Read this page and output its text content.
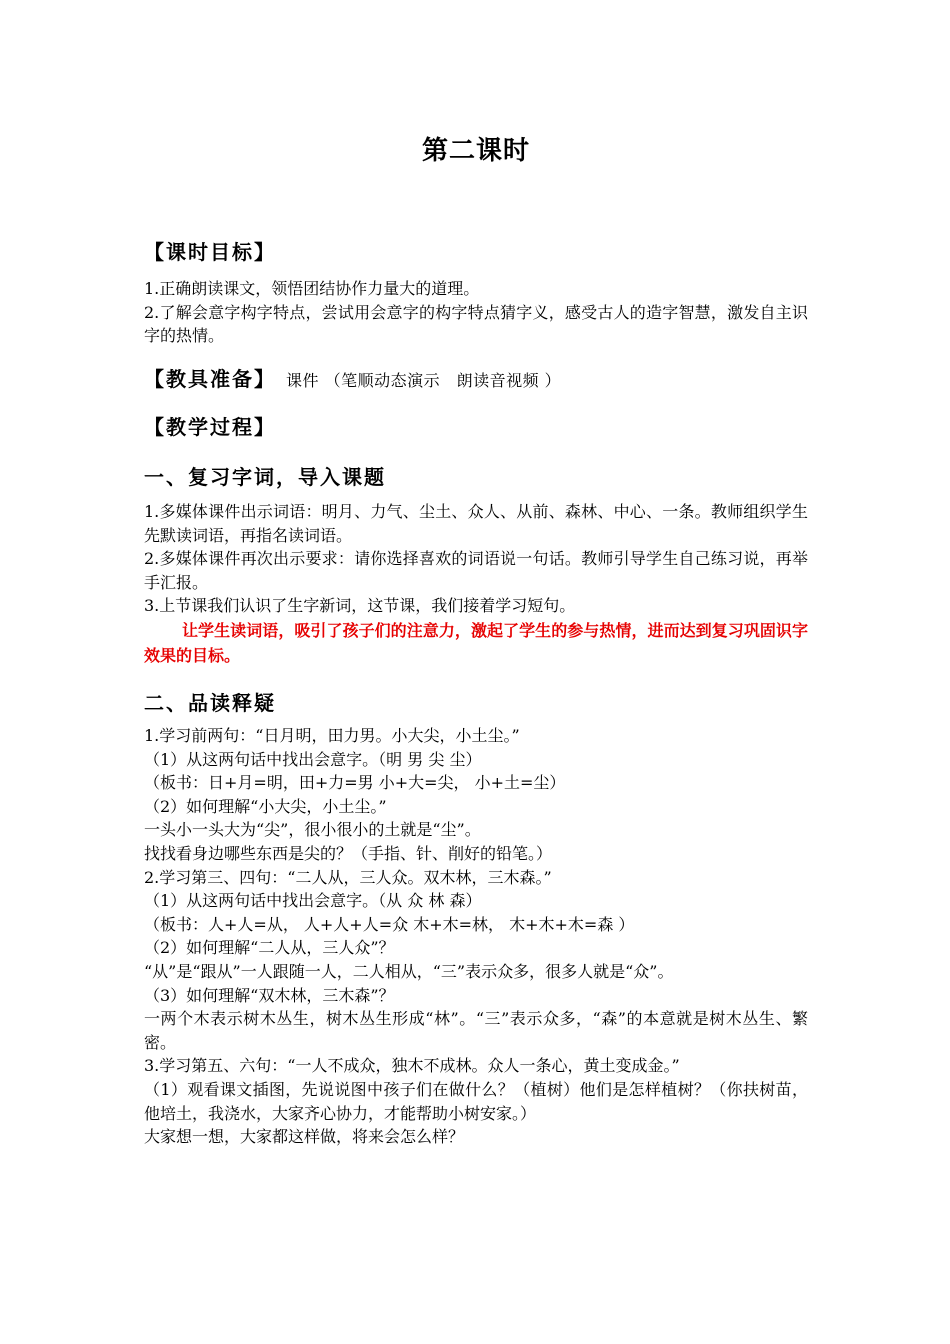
第二课时
【课时目标】

1.正确朗读课文，领悟团结协作力量大的道理。

2.了解会意字构字特点，尝试用会意字的构字特点猜字义，感受古人的造字智慧，激发自主识字的热情。

【教具准备】 课件 （笔顺动态演示　朗读音视频 ）
【教学过程】
一、复习字词，导入课题

1.多媒体课件出示词语：明月、力气、尘土、众人、从前、森林、中心、一条。教师组织学生先默读词语，再指名读词语。

2.多媒体课件再次出示要求：请你选择喜欢的词语说一句话。教师引导学生自己练习说，再举手汇报。

3.上节课我们认识了生字新词，这节课，我们接着学习短句。

让学生读词语，吸引了孩子们的注意力，激起了学生的参与热情，进而达到复习巩固识字效果的目标。

二、品读释疑

1.学习前两句：“日月明，田力男。小大尖，小土尘。”

（1）从这两句话中找出会意字。（明 男 尖 尘）

（板书：日+月=明，田+力=男 小+大=尖， 小+土=尘）

（2）如何理解“小大尖，小土尘。”

一头小一头大为“尖”，很小很小的土就是“尘”。

找找看身边哪些东西是尖的？（手指、针、削好的铅笔。）

2.学习第三、四句：“二人从，三人众。双木林，三木森。”

（1）从这两句话中找出会意字。（从 众 林 森）

（板书：人+人=从， 人+人+人=众 木+木=林， 木+木+木=森 ）

（2）如何理解“二人从，三人众”？

“从”是“跟从”一人跟随一人，二人相从，“三”表示众多，很多人就是“众”。

（3）如何理解“双木林，三木森”？

一两个木表示树木丛生，树木丛生形成“林”。“三”表示众多，“森”的本意就是树木丛生、繁密。

3.学习第五、六句：“一人不成众，独木不成林。众人一条心，黄土变成金。”

（1）观看课文插图，先说说图中孩子们在做什么？（植树）他们是怎样植树？（你扶树苗，他培土，我浇水，大家齐心协力，才能帮助小树安家。）

大家想一想，大家都这样做，将来会怎么样？
